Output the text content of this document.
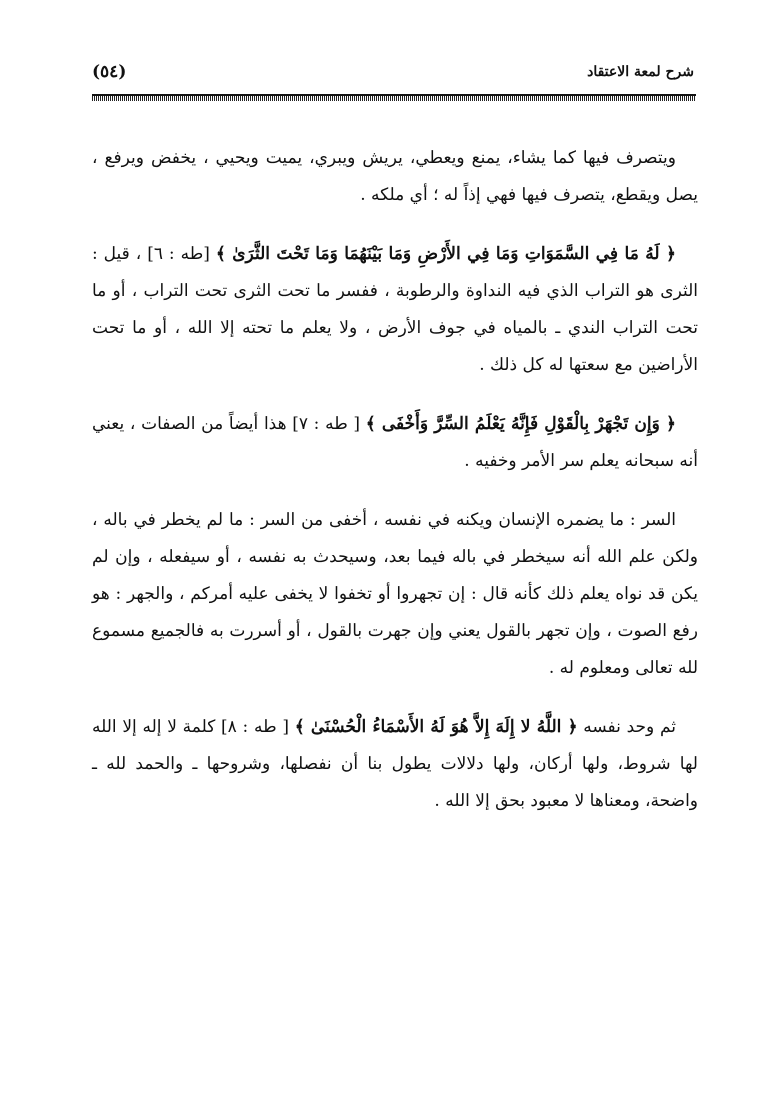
شرح لمعة الاعتقاد
(٥٤)

ويتصرف فيها كما يشاء، يمنع ويعطي، يريش ويبري، يميت ويحيي ، يخفض ويرفع ، يصل ويقطع، يتصرف فيها فهي إذاً له ؛ أي ملكه .

﴿ لَهُ مَا فِي السَّمَوَاتِ وَمَا فِي الأَرْضِ وَمَا بَيْنَهُمَا وَمَا تَحْتَ الثَّرَىٰ ﴾ [طه : ٦] ، قيل : الثرى هو التراب الذي فيه النداوة والرطوبة ، ففسر ما تحت الثرى تحت التراب ، أو ما تحت التراب الندي ـ بالمياه في جوف الأرض ، ولا يعلم ما تحته إلا الله ، أو ما تحت الأراضين مع سعتها له كل ذلك .

﴿ وَإِن تَجْهَرْ بِالْقَوْلِ فَإِنَّهُ يَعْلَمُ السِّرَّ وَأَخْفَى ﴾ [ طه : ٧] هذا أيضاً من الصفات ، يعني أنه سبحانه يعلم سر الأمر وخفيه .

السر : ما يضمره الإنسان ويكنه في نفسه ، أخفى من السر : ما لم يخطر في باله ، ولكن علم الله أنه سيخطر في باله فيما بعد، وسيحدث به نفسه ، أو سيفعله ، وإن لم يكن قد نواه يعلم ذلك كأنه قال : إن تجهروا أو تخفوا لا يخفى عليه أمركم ، والجهر : هو رفع الصوت ، وإن تجهر بالقول يعني وإن جهرت بالقول ، أو أسررت به فالجميع مسموع لله تعالى ومعلوم له .

ثم وحد نفسه ﴿ اللَّهُ لا إِلَهَ إِلاَّ هُوَ لَهُ الأَسْمَاءُ الْحُسْنَىٰ ﴾ [ طه : ٨] كلمة لا إله إلا الله لها شروط، ولها أركان، ولها دلالات يطول بنا أن نفصلها، وشروحها ـ والحمد لله ـ واضحة، ومعناها لا معبود بحق إلا الله .
